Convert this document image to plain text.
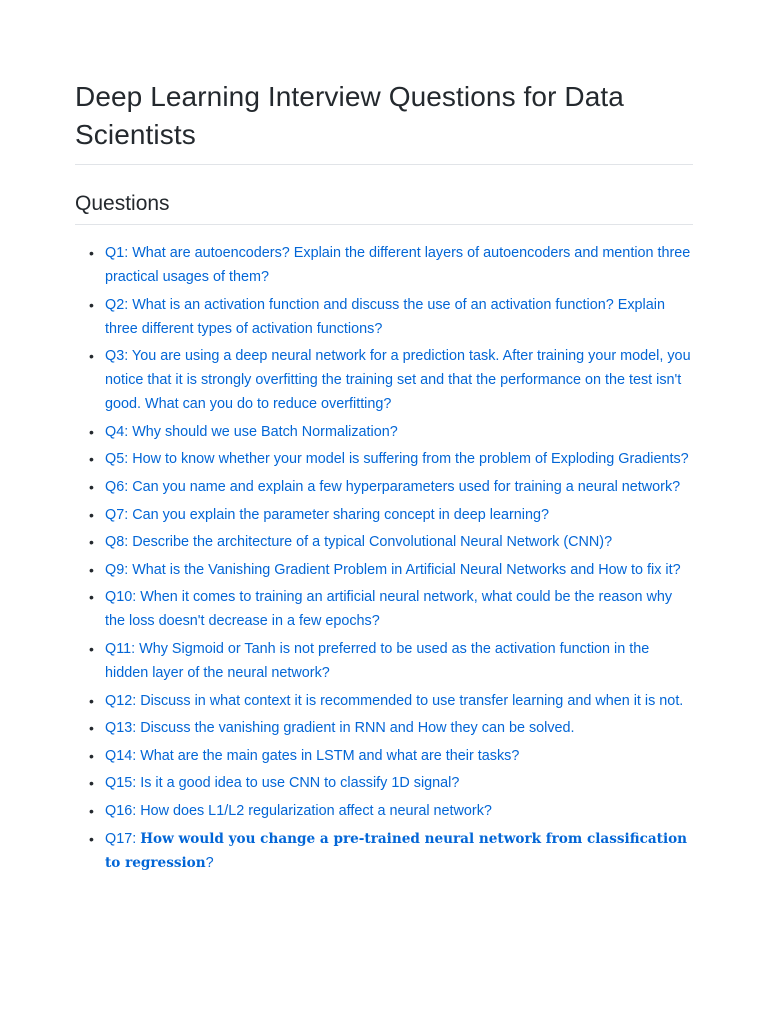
Deep Learning Interview Questions for Data Scientists
Questions
• Q1: What are autoencoders? Explain the different layers of autoencoders and mention three practical usages of them?
• Q2: What is an activation function and discuss the use of an activation function? Explain three different types of activation functions?
• Q3: You are using a deep neural network for a prediction task. After training your model, you notice that it is strongly overfitting the training set and that the performance on the test isn't good. What can you do to reduce overfitting?
• Q4: Why should we use Batch Normalization?
• Q5: How to know whether your model is suffering from the problem of Exploding Gradients?
• Q6: Can you name and explain a few hyperparameters used for training a neural network?
• Q7: Can you explain the parameter sharing concept in deep learning?
• Q8: Describe the architecture of a typical Convolutional Neural Network (CNN)?
• Q9: What is the Vanishing Gradient Problem in Artificial Neural Networks and How to fix it?
• Q10: When it comes to training an artificial neural network, what could be the reason why the loss doesn't decrease in a few epochs?
• Q11: Why Sigmoid or Tanh is not preferred to be used as the activation function in the hidden layer of the neural network?
• Q12: Discuss in what context it is recommended to use transfer learning and when it is not.
• Q13: Discuss the vanishing gradient in RNN and How they can be solved.
• Q14: What are the main gates in LSTM and what are their tasks?
• Q15: Is it a good idea to use CNN to classify 1D signal?
• Q16: How does L1/L2 regularization affect a neural network?
• Q17: How would you change a pre-trained neural network from classification to regression?
